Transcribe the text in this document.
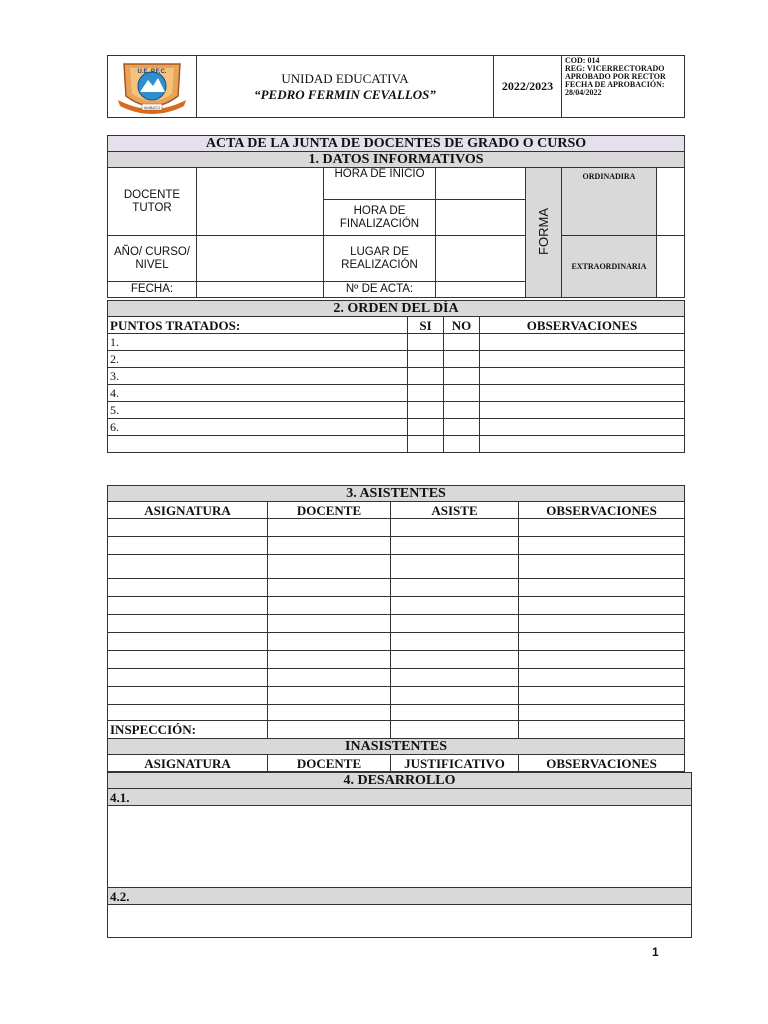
AMBATO
U.E. P.F.C.	UNIDAD EDUCATIVA
“PEDRO FERMIN CEVALLOS”
	2022/2023	
COD: 014
REG: VICERRECTORADO
APROBADO POR RECTOR
FECHA DE APROBACIÓN:
28/04/2022
ACTA DE LA JUNTA DE DOCENTES DE GRADO O CURSO						
1. DATOS INFORMATIVOS						
DOCENTE TUTOR		HORA DE INICIO		FORMA	ORDINADIRA	
		HORA DE FINALIZACIÓN				
AÑO/ CURSO/ NIVEL		LUGAR DE REALIZACIÓN			EXTRAORDINARIA	
FECHA:		Nº DE ACTA:				
2. ORDEN DEL DÍA			
PUNTOS TRATADOS:	SI	NO	OBSERVACIONES
1.			
2.			
3.			
4.			
5.			
6.			

3. ASISTENTES			
ASIGNATURA	DOCENTE	ASISTE	OBSERVACIONES

INSPECCIÓN:			
INASISTENTES			
ASIGNATURA	DOCENTE	JUSTIFICATIVO	OBSERVACIONES
4. DESARROLLO
4.1.

4.2.

1
